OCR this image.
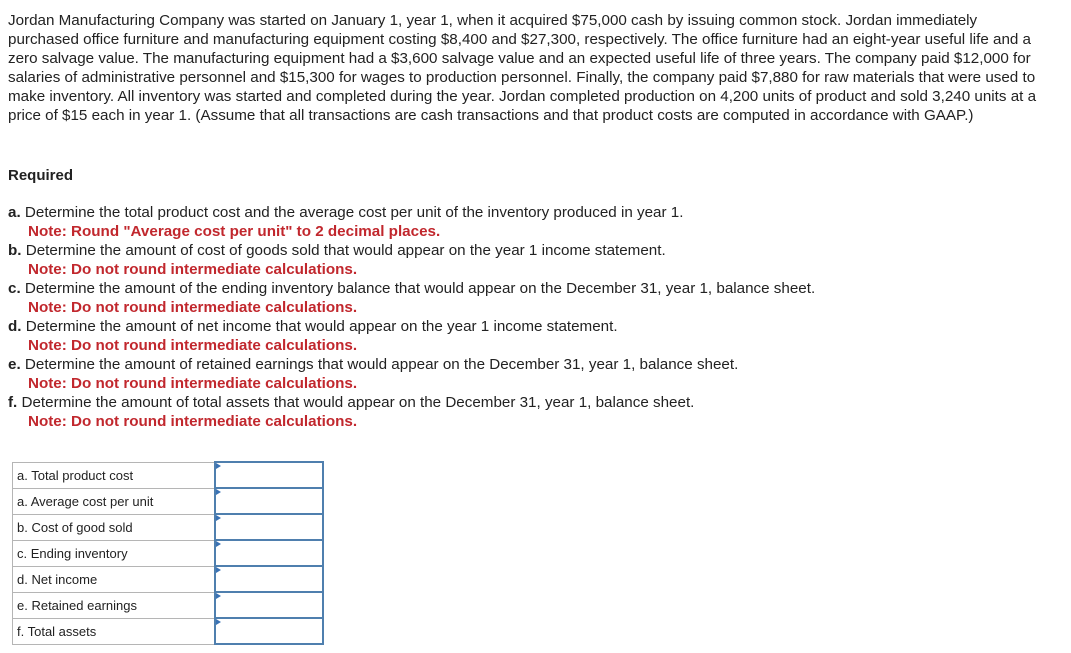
Jordan Manufacturing Company was started on January 1, year 1, when it acquired $75,000 cash by issuing common stock. Jordan immediately purchased office furniture and manufacturing equipment costing $8,400 and $27,300, respectively. The office furniture had an eight-year useful life and a zero salvage value. The manufacturing equipment had a $3,600 salvage value and an expected useful life of three years. The company paid $12,000 for salaries of administrative personnel and $15,300 for wages to production personnel. Finally, the company paid $7,880 for raw materials that were used to make inventory. All inventory was started and completed during the year. Jordan completed production on 4,200 units of product and sold 3,240 units at a price of $15 each in year 1. (Assume that all transactions are cash transactions and that product costs are computed in accordance with GAAP.)

Required

a. Determine the total product cost and the average cost per unit of the inventory produced in year 1.
Note: Round "Average cost per unit" to 2 decimal places.
b. Determine the amount of cost of goods sold that would appear on the year 1 income statement.
Note: Do not round intermediate calculations.
c. Determine the amount of the ending inventory balance that would appear on the December 31, year 1, balance sheet.
Note: Do not round intermediate calculations.
d. Determine the amount of net income that would appear on the year 1 income statement.
Note: Do not round intermediate calculations.
e. Determine the amount of retained earnings that would appear on the December 31, year 1, balance sheet.
Note: Do not round intermediate calculations.
f. Determine the amount of total assets that would appear on the December 31, year 1, balance sheet.
Note: Do not round intermediate calculations.
a. Total product cost	
a. Average cost per unit	
b. Cost of good sold	
c. Ending inventory	
d. Net income	
e. Retained earnings	
f. Total assets	
